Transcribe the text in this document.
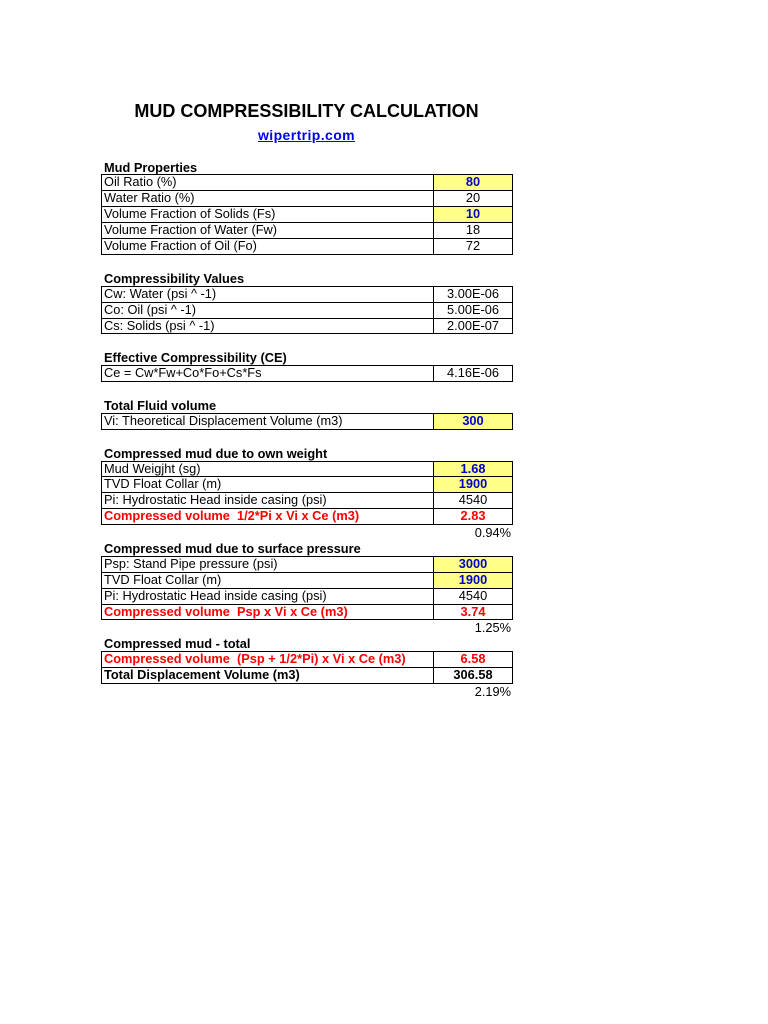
MUD COMPRESSIBILITY CALCULATION
wipertrip.com
Mud Properties
Oil Ratio (%)	80
Water Ratio (%)	20
Volume Fraction of Solids (Fs)	10
Volume Fraction of Water (Fw)	18
Volume Fraction of Oil (Fo)	72
Compressibility Values
Cw: Water (psi ^ -1)	3.00E-06
Co: Oil (psi ^ -1)	5.00E-06
Cs: Solids (psi ^ -1)	2.00E-07
Effective Compressibility (CE)
Ce = Cw*Fw+Co*Fo+Cs*Fs	4.16E-06
Total Fluid volume
Vi: Theoretical Displacement Volume (m3)	300
Compressed mud due to own weight
Mud Weigjht (sg)	1.68
TVD Float Collar (m)	1900
Pi: Hydrostatic Head inside casing (psi)	4540
Compressed volume  1/2*Pi x Vi x Ce (m3)	2.83
0.94%
Compressed mud due to surface pressure
Psp: Stand Pipe pressure (psi)	3000
TVD Float Collar (m)	1900
Pi: Hydrostatic Head inside casing (psi)	4540
Compressed volume  Psp x Vi x Ce (m3)	3.74
1.25%
Compressed mud - total
Compressed volume  (Psp + 1/2*Pi) x Vi x Ce (m3)	6.58
Total Displacement Volume (m3)	306.58
2.19%
